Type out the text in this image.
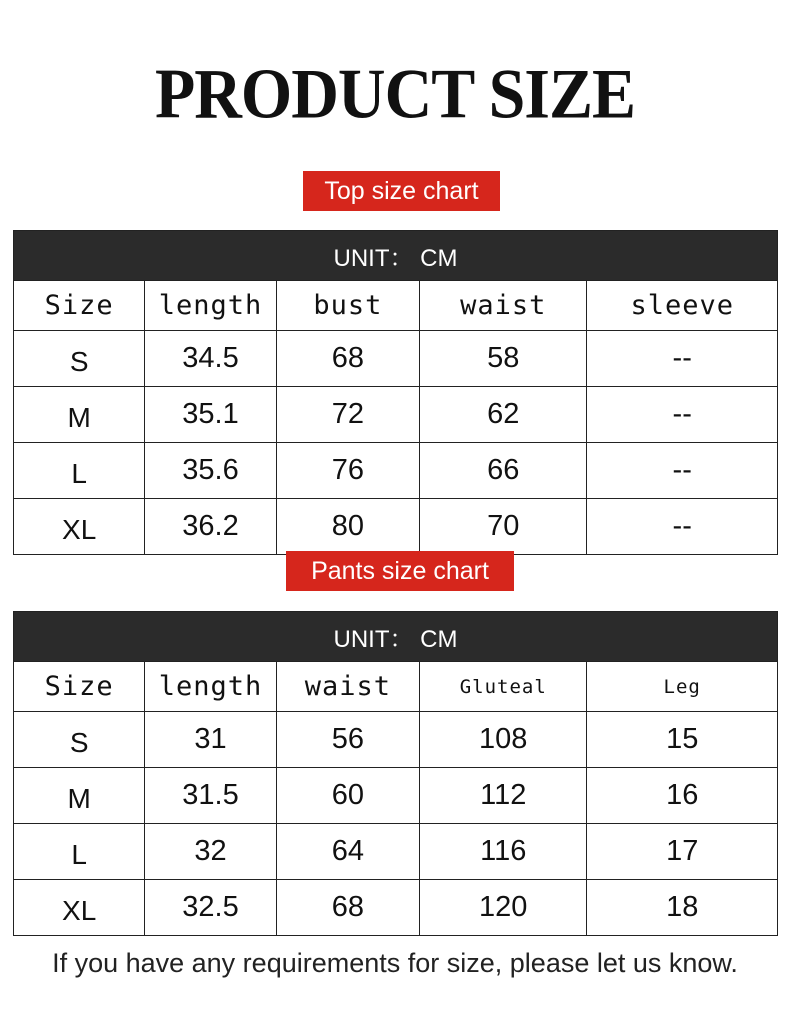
PRODUCT SIZE
Top size chart
UNIT： CM				
Size	length	bust	waist	sleeve
S	34.5	68	58	--
M	35.1	72	62	--
L	35.6	76	66	--
XL	36.2	80	70	--
Pants size chart
UNIT： CM				
Size	length	waist	Gluteal	Leg
S	31	56	108	15
M	31.5	60	112	16
L	32	64	116	17
XL	32.5	68	120	18
If you have any requirements for size, please let us know.
